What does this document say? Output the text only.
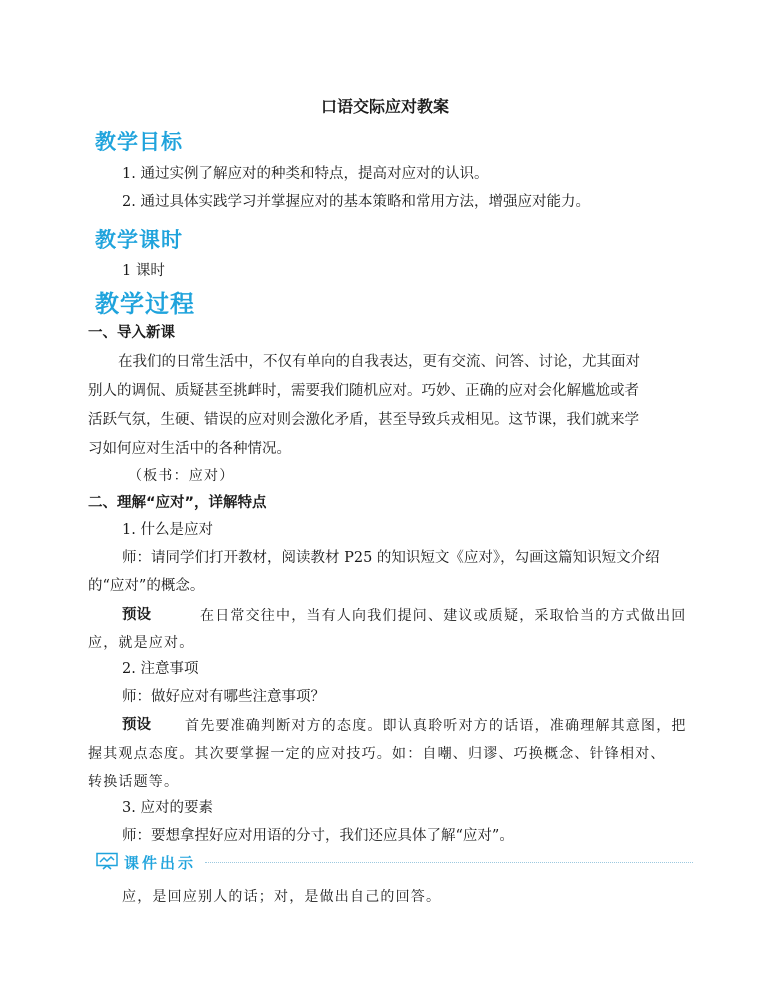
口语交际应对教案
教学目标
1. 通过实例了解应对的种类和特点，提高对应对的认识。
2. 通过具体实践学习并掌握应对的基本策略和常用方法，增强应对能力。
教学课时
1 课时
教学过程
一、导入新课
在我们的日常生活中，不仅有单向的自我表达，更有交流、问答、讨论，尤其面对
别人的调侃、质疑甚至挑衅时，需要我们随机应对。巧妙、正确的应对会化解尴尬或者
活跃气氛，生硬、错误的应对则会激化矛盾，甚至导致兵戎相见。这节课，我们就来学
习如何应对生活中的各种情况。
（板书：应对）
二、理解“应对”，详解特点
1. 什么是应对
师：请同学们打开教材，阅读教材 P25 的知识短文《应对》，勾画这篇知识短文介绍
的“应对”的概念。
预设	在日常交往中，当有人向我们提问、建议或质疑，采取恰当的方式做出回
应，就是应对。
2. 注意事项
师：做好应对有哪些注意事项？
预设 首先要准确判断对方的态度。即认真聆听对方的话语，准确理解其意图，把
握其观点态度。其次要掌握一定的应对技巧。如：自嘲、归谬、巧换概念、针锋相对、
转换话题等。
3. 应对的要素
师：要想拿捏好应对用语的分寸，我们还应具体了解“应对”。
课件出示
应，是回应别人的话；对，是做出自己的回答。
